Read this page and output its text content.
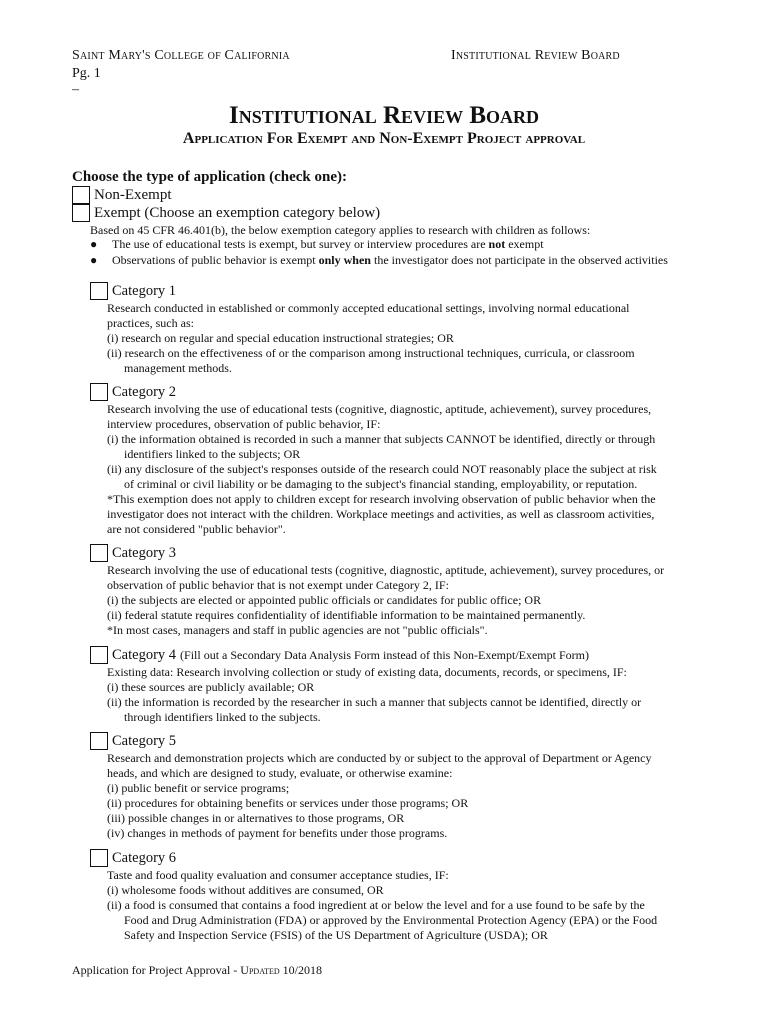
Saint Mary's College of California	Institutional Review Board
Pg. 1
–
Institutional Review Board
Application For Exempt and Non-Exempt Project approval
Choose the type of application (check one):
Non-Exempt
Exempt (Choose an exemption category below)
Based on 45 CFR 46.401(b), the below exemption category applies to research with children as follows:
● The use of educational tests is exempt, but survey or interview procedures are not exempt
● Observations of public behavior is exempt only when the investigator does not participate in the observed activities
Category 1
Research conducted in established or commonly accepted educational settings, involving normal educational
practices, such as:
(i) research on regular and special education instructional strategies; OR
(ii) research on the effectiveness of or the comparison among instructional techniques, curricula, or classroom
management methods.
Category 2
Research involving the use of educational tests (cognitive, diagnostic, aptitude, achievement), survey procedures,
interview procedures, observation of public behavior, IF:
(i) the information obtained is recorded in such a manner that subjects CANNOT be identified, directly or through
identifiers linked to the subjects; OR
(ii) any disclosure of the subject's responses outside of the research could NOT reasonably place the subject at risk
of criminal or civil liability or be damaging to the subject's financial standing, employability, or reputation.
*This exemption does not apply to children except for research involving observation of public behavior when the
investigator does not interact with the children. Workplace meetings and activities, as well as classroom activities,
are not considered "public behavior".
Category 3
Research involving the use of educational tests (cognitive, diagnostic, aptitude, achievement), survey procedures, or
observation of public behavior that is not exempt under Category 2, IF:
(i) the subjects are elected or appointed public officials or candidates for public office; OR
(ii) federal statute requires confidentiality of identifiable information to be maintained permanently.
*In most cases, managers and staff in public agencies are not "public officials".
Category 4 (Fill out a Secondary Data Analysis Form instead of this Non-Exempt/Exempt Form)
Existing data: Research involving collection or study of existing data, documents, records, or specimens, IF:
(i) these sources are publicly available; OR
(ii) the information is recorded by the researcher in such a manner that subjects cannot be identified, directly or
through identifiers linked to the subjects.
Category 5
Research and demonstration projects which are conducted by or subject to the approval of Department or Agency
heads, and which are designed to study, evaluate, or otherwise examine:
(i) public benefit or service programs;
(ii) procedures for obtaining benefits or services under those programs; OR
(iii) possible changes in or alternatives to those programs, OR
(iv) changes in methods of payment for benefits under those programs.
Category 6
Taste and food quality evaluation and consumer acceptance studies, IF:
(i) wholesome foods without additives are consumed, OR
(ii) a food is consumed that contains a food ingredient at or below the level and for a use found to be safe by the
Food and Drug Administration (FDA) or approved by the Environmental Protection Agency (EPA) or the Food
Safety and Inspection Service (FSIS) of the US Department of Agriculture (USDA); OR
Application for Project Approval - Updated 10/2018
